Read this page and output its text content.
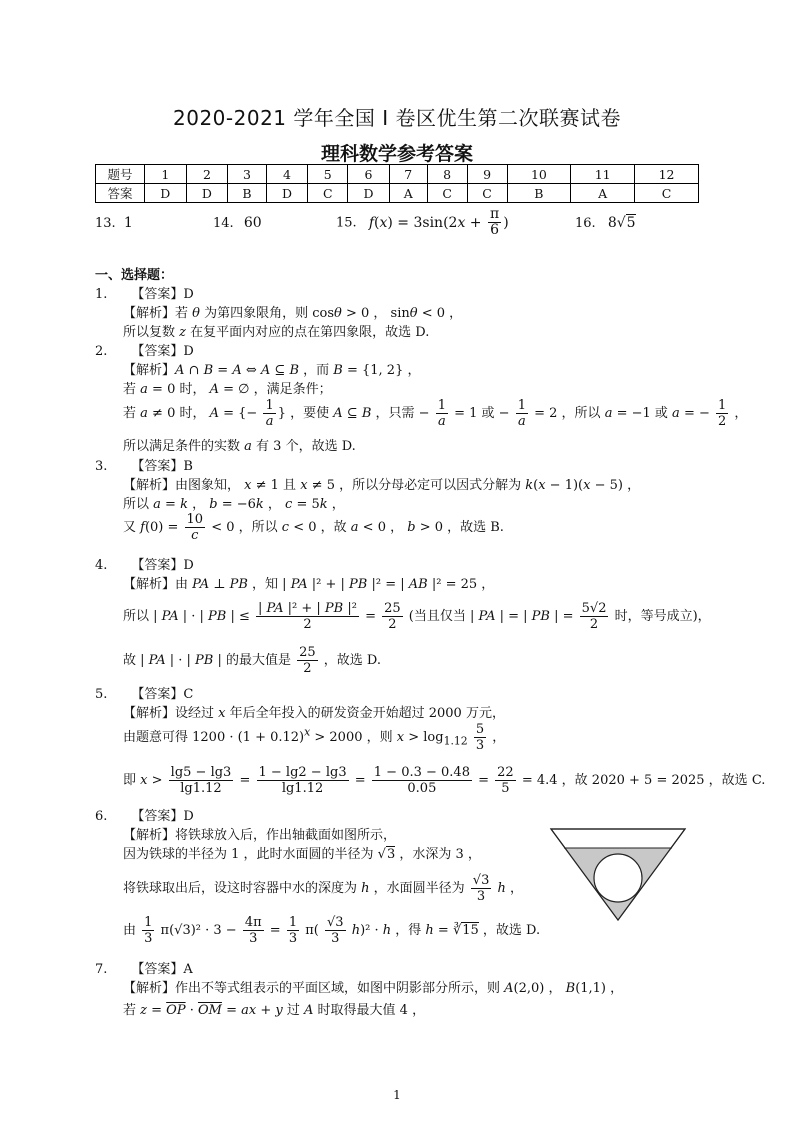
2020-2021 学年全国 I 卷区优生第二次联赛试卷
理科数学参考答案
题号	1	2	3	4	5	6	7	8	9	10	11	12
答案	D	D	B	D	C	D	A	C	C	B	A	C
13. 1	14. 60	15. $f(x) = 3\sin(2x + \frac{\pi}{6}$ )	16. 8√5
一、选择题：
1. 【答案】D
【解析】若 θ 为第四象限角，则 cosθ > 0 ， sinθ < 0 ，
所以复数 z 在复平面内对应的点在第四象限，故选 D.
2. 【答案】D
【解析】A ∩ B = A ⇔ A ⊆ B ，而 B = {1, 2} ，
若 a = 0 时， A = ∅ ，满足条件；
若 a ≠ 0 时， A = {− $\frac{1}{a}$ } ，要使 A ⊆ B ，只需 − $\frac{1}{a} = 1$ 或 − $\frac{1}{a} = 2$ ，所以 a = −1 或 a = − $\frac{1}{2}$ ，
所以满足条件的实数 a 有 3 个，故选 D.
3. 【答案】B
【解析】由图象知， x ≠ 1 且 x ≠ 5 ，所以分母必定可以因式分解为 k(x − 1)(x − 5) ，
所以 a = k ， b = −6k ， c = 5k ，
又 $f(0) = \frac{10}{c} < 0$ ，所以 c < 0 ，故 a < 0 ， b > 0 ，故选 B.
4. 【答案】D
【解析】由 PA ⊥ PB ，知 | PA |² + | PB |² = | AB |² = 25 ，
所以 | PA | · | PB | ≤ $\frac{\text{| PA |² + | PB |²}}{2} = \frac{25}{2}$ (当且仅当 | PA | = | PB | = $\frac{5√2}{2}$ 时，等号成立)，
故 | PA | · | PB | 的最大值是 $\frac{25}{2}$ ，故选 D.
5. 【答案】C
【解析】设经过 x 年后全年投入的研发资金开始超过 2000 万元，
由题意可得 $1200 \cdot (1 + 0.12)^x > 2000$ ，则 $x > \log_{1.12} \frac{5}{3}$ ，
即 $x > \frac{\lg 5 - \lg 3}{\lg 1.12} = \frac{1 - \lg 2 - \lg 3}{\lg 1.12} = \frac{1 - 0.3 - 0.48}{0.05} = \frac{22}{5} = 4.4$ ，故 2020 + 5 = 2025 ，故选 C.
6. 【答案】D
【解析】将铁球放入后，作出轴截面如图所示，
因为铁球的半径为 1 ，此时水面圆的半径为 √3 ，水深为 3 ，
将铁球取出后，设这时容器中水的深度为 h ，水面圆半径为 $\frac{√3}{3}$ h ，
由 $\frac{1}{3} \pi(√3)^2 \cdot 3 - \frac{4\pi}{3} = \frac{1}{3} \pi( \frac{√3}{3} h)^2 \cdot h$ ，得 h = ∛15 ，故选 D.
7. 【答案】A
【解析】作出不等式组表示的平面区域，如图中阴影部分所示，则 A(2,0) ， B(1,1) ，
若 $z = \overline{OP} \cdot \overline{OM}$ = ax + y 过 A 时取得最大值 4 ，
1
